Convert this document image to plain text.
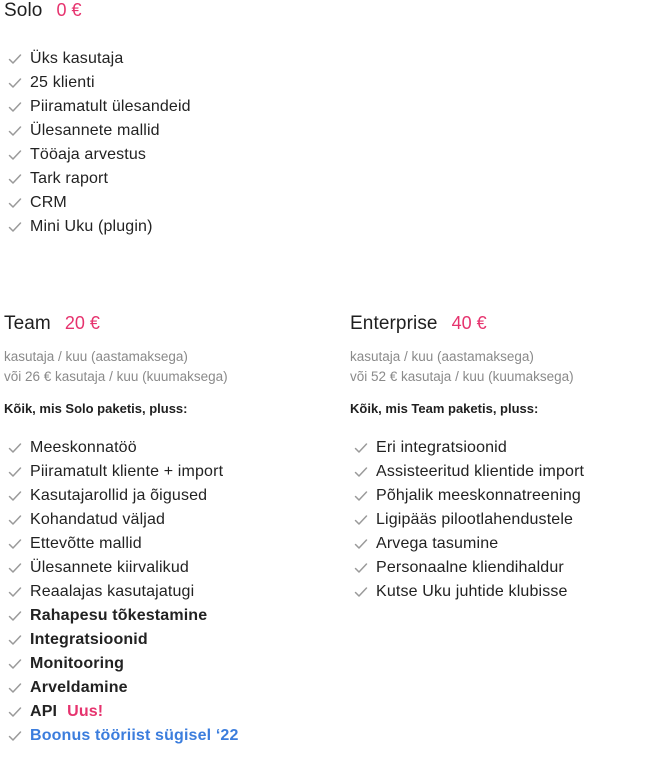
Solo 0 €
Üks kasutaja
25 klienti
Piiramatult ülesandeid
Ülesannete mallid
Tööaja arvestus
Tark raport
CRM
Mini Uku (plugin)
Team 20 €
kasutaja / kuu (aastamaksega)
või 26 € kasutaja / kuu (kuumaksega)
Kõik, mis Solo paketis, pluss:
Meeskonnatöö
Piiramatult kliente + import
Kasutajarollid ja õigused
Kohandatud väljad
Ettevõtte mallid
Ülesannete kiirvalikud
Reaalajas kasutajatugi
Rahapesu tõkestamine
Integratsioonid
Monitooring
Arveldamine
API Uus!
Boonus tööriist sügisel ‘22
Enterprise 40 €
kasutaja / kuu (aastamaksega)
või 52 € kasutaja / kuu (kuumaksega)
Kõik, mis Team paketis, pluss:
Eri integratsioonid
Assisteeritud klientide import
Põhjalik meeskonnatreening
Ligipääs pilootlahendustele
Arvega tasumine
Personaalne kliendihaldur
Kutse Uku juhtide klubisse
